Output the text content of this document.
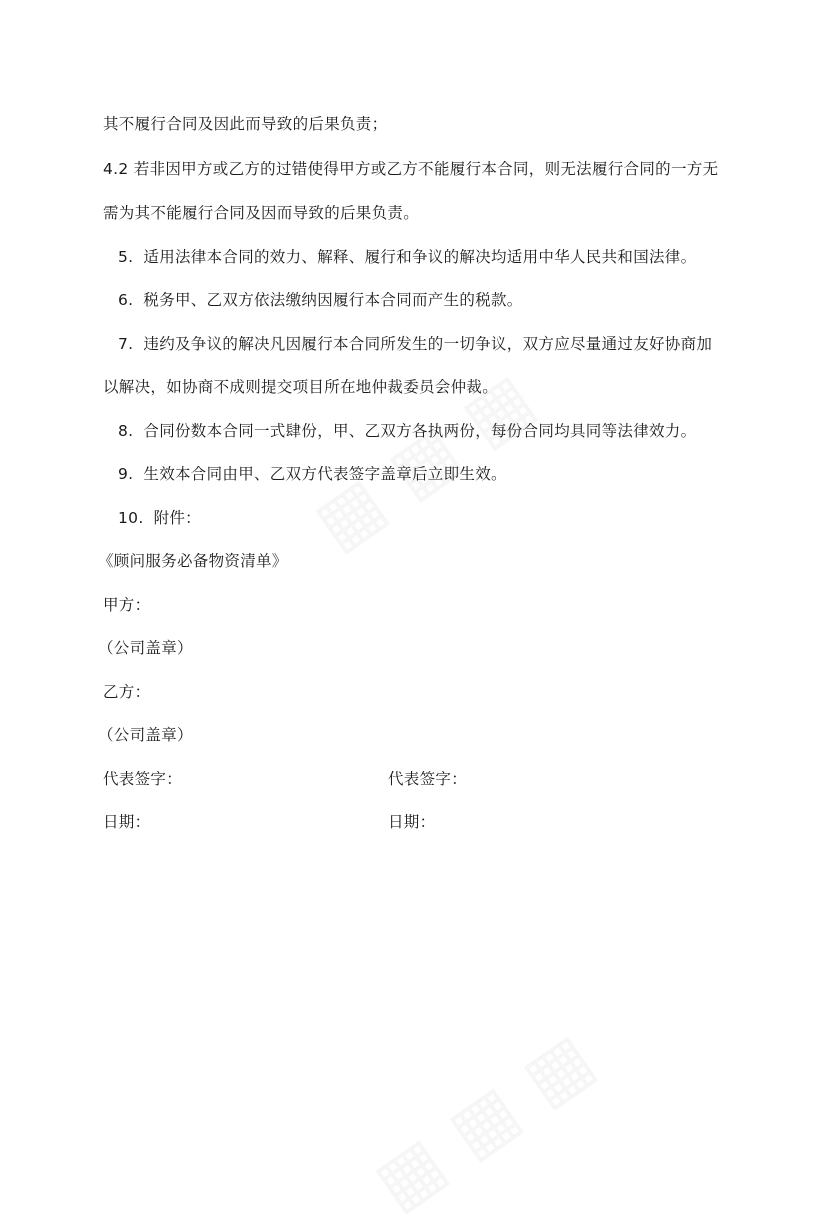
其不履行合同及因此而导致的后果负责；
4.2 若非因甲方或乙方的过错使得甲方或乙方不能履行本合同，则无法履行合同的一方无
需为其不能履行合同及因而导致的后果负责。
5. 适用法律本合同的效力、解释、履行和争议的解决均适用中华人民共和国法律。
6. 税务甲、乙双方依法缴纳因履行本合同而产生的税款。
7. 违约及争议的解决凡因履行本合同所发生的一切争议，双方应尽量通过友好协商加
以解决，如协商不成则提交项目所在地仲裁委员会仲裁。
8. 合同份数本合同一式肆份，甲、乙双方各执两份，每份合同均具同等法律效力。
9. 生效本合同由甲、乙双方代表签字盖章后立即生效。
10. 附件：
《顾问服务必备物资清单》
甲方：
（公司盖章）
乙方：
（公司盖章）
代表签字：	代表签字：
日期：	日期：
